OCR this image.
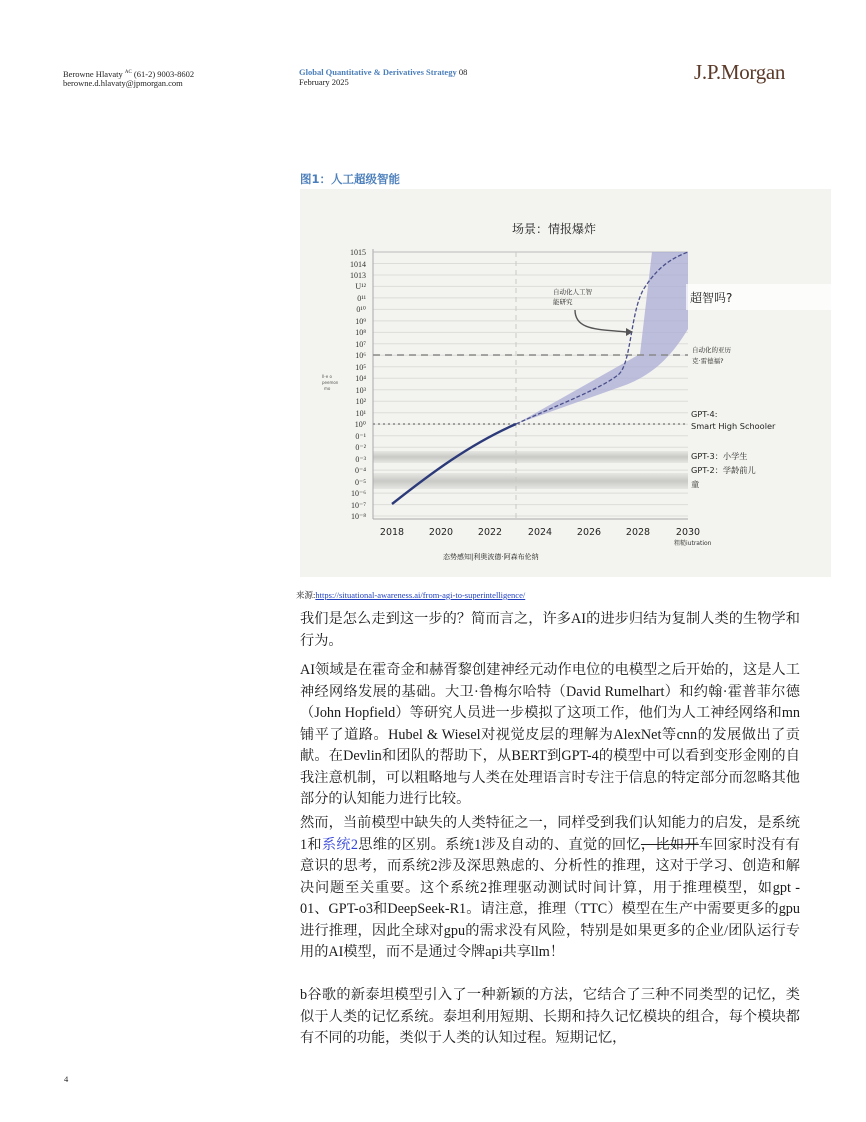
Berowne Hlavaty $^{AC}$ (61-2) 9003-8602
berowne.d.hlavaty@jpmorgan.com
Global Quantitative & Derivatives Strategy 08
February 2025	J.P.Morgan
图1：人工超级智能
场景：情报爆炸
自动化人工智
能研究	超智吗?
自动化的亚历
克·雷德福?
GPT-4:
Smart High Schooler
GPT-3：小学生
GPT-2：学龄前儿
童
1015
1014
1013
U¹²
0¹¹
0¹⁰
10⁹
10⁸
10⁷
10⁶
10⁵
10⁴
10³
10²
10¹
10⁰
0⁻¹
0⁻²
0⁻³
0⁻⁴
0⁻⁵
10⁻⁶
10⁻⁷
10⁻⁸
Il-e o
peemon
mo
2018	2020	2022	2024	2026	2028	2030
粗糙iutration
态势感知|利奥波德·阿森布伦纳
来源:https://situational-awareness.ai/from-agi-to-superintelligence/
我们是怎么走到这一步的？简而言之，许多AI的进步归结为复制人类的生物学和行为。
AI领域是在霍奇金和赫胥黎创建神经元动作电位的电模型之后开始的，这是人工神经网络发展的基础。大卫·鲁梅尔哈特（David Rumelhart）和约翰·霍普菲尔德（John Hopfield）等研究人员进一步模拟了这项工作，他们为人工神经网络和mn铺平了道路。Hubel & Wiesel对视觉皮层的理解为AlexNet等cnn的发展做出了贡献。在Devlin和团队的帮助下，从BERT到GPT-4的模型中可以看到变形金刚的自我注意机制，可以粗略地与人类在处理语言时专注于信息的特定部分而忽略其他部分的认知能力进行比较。
然而，当前模型中缺失的人类特征之一，同样受到我们认知能力的启发，是系统1和系统2思维的区别。系统1涉及自动的、直觉的回忆，比如开车回家时没有有意识的思考，而系统2涉及深思熟虑的、分析性的推理，这对于学习、创造和解决问题至关重要。这个系统2推理驱动测试时间计算，用于推理模型，如gpt - 01、GPT-o3和DeepSeek-R1。请注意，推理（TTC）模型在生产中需要更多的gpu进行推理，因此全球对gpu的需求没有风险，特别是如果更多的企业/团队运行专用的AI模型，而不是通过令牌api共享llm！
b谷歌的新泰坦模型引入了一种新颖的方法，它结合了三种不同类型的记忆，类似于人类的记忆系统。泰坦利用短期、长期和持久记忆模块的组合，每个模块都有不同的功能，类似于人类的认知过程。短期记忆，
4
